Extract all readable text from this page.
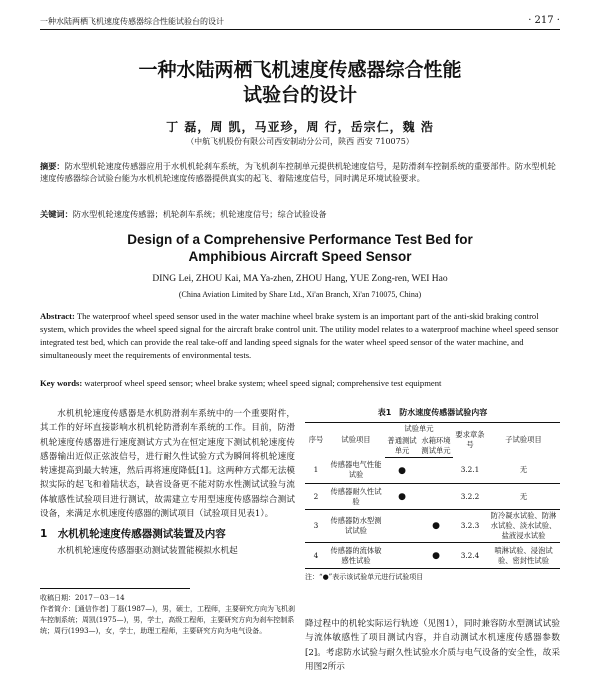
一种水陆两栖飞机速度传感器综合性能试验台的设计	· 217 ·
一种水陆两栖飞机速度传感器综合性能
试验台的设计
丁 磊，周 凯，马亚珍，周 行，岳宗仁，魏 浩
（中航飞机股份有限公司西安制动分公司，陕西 西安 710075）
摘要：防水型机轮速度传感器应用于水机机轮刹车系统，为飞机刹车控制单元提供机轮速度信号，是防滑刹车控制系统的重要部件。防水型机轮速度传感器综合试验台能为水机机轮速度传感器提供真实的起飞、着陆速度信号，同时满足环境试验要求。
关键词：防水型机轮速度传感器；机轮刹车系统；机轮速度信号；综合试验设备
Design of a Comprehensive Performance Test Bed for
Amphibious Aircraft Speed Sensor
DING Lei, ZHOU Kai, MA Ya-zhen, ZHOU Hang, YUE Zong-ren, WEI Hao
(China Aviation Limited by Share Ltd., Xi'an Branch, Xi'an 710075, China)
Abstract: The waterproof wheel speed sensor used in the water machine wheel brake system is an important part of the anti-skid braking control system, which provides the wheel speed signal for the aircraft brake control unit. The utility model relates to a waterproof machine wheel speed sensor integrated test bed, which can provide the real take-off and landing speed signals for the water wheel speed sensor of the water machine, and simultaneously meet the requirements of environmental tests.
Key words: waterproof wheel speed sensor; wheel brake system; wheel speed signal; comprehensive test equipment

水机机轮速度传感器是水机防滑刹车系统中的一个重要附件，其工作的好坏直接影响水机机轮防滑刹车系统的工作。目前，防滑机轮速度传感器进行速度测试方式为在恒定速度下测试机轮速度传感器输出近似正弦波信号，进行耐久性试验方式为瞬间将机轮速度转速提高到最大转速，然后再将速度降低[1]。这两种方式都无法模拟实际的起飞和着陆状态，缺省设备更不能对防水性测试试验与流体敏感性试验项目进行测试，故需建立专用型速度传感器综合测试设备，来满足水机速度传感器的测试项目（试验项目见表1）。

1　水机机轮速度传感器测试装置及内容

水机机轮速度传感器驱动测试装置能模拟水机起

收稿日期：2017－03－14
作者简介：[通信作者] 丁磊(1987—)，男，硕士，工程师，主要研究方向为飞机刹车控制系统；周凯(1975—)，男，学士，高级工程师，主要研究方向为刹车控制系统；周行(1993—)，女，学士，助理工程师，主要研究方向为电气设备。
表1　防水速度传感器试验内容
序号	试验项目	试验单元		要求章条号	子试验项目
		普通测试单元	水箱环境测试单元		
1	传感器电气性能试验	●		3.2.1	无
2	传感器耐久性试验	●		3.2.2	无
3	传感器防水型测试试验		●	3.2.3	防冷凝水试验、防淋水试验、淡水试验、盐液浸水试验
4	传感器的流体敏感性试验		●	3.2.4	喷淋试验、浸泡试验、密封性试验
注：“●”表示该试验单元进行试验项目

降过程中的机轮实际运行轨迹（见图1），同时兼容防水型测试试验与流体敏感性了项目测试内容，并自动测试水机速度传感器参数[2]。考虑防水试验与耐久性试验水介质与电气设备的安全性，故采用图2所示
